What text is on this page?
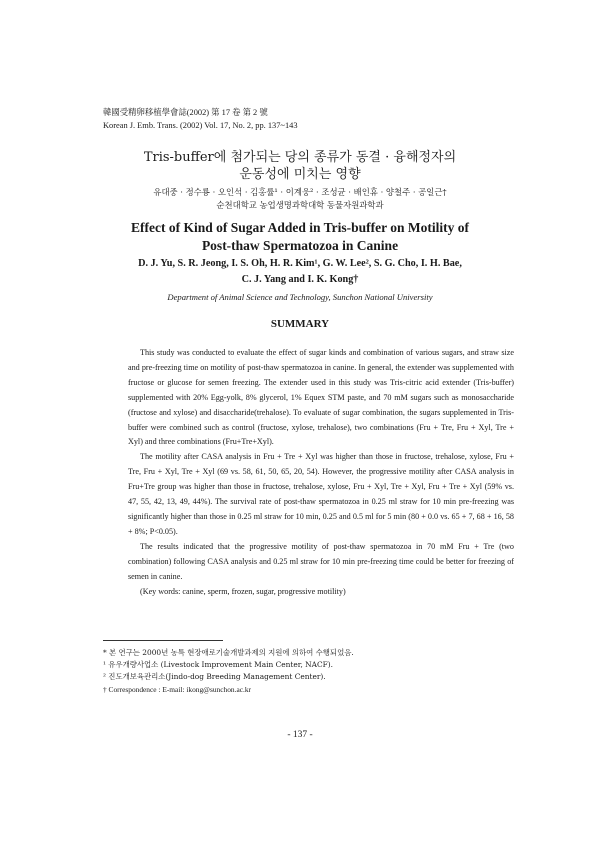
韓國受精卵移植學會誌(2002) 第 17 卷 第 2 號
Korean J. Emb. Trans. (2002) Vol. 17, No. 2, pp. 137~143
Tris-buffer에 첨가되는 당의 종류가 동결 · 융해정자의
운동성에 미치는 영향
유대중 · 정수룡 · 오인석 · 김홍률¹ · 이계웅² · 조성균 · 배인휴 · 양철주 · 공일근†
순천대학교 농업생명과학대학 동물자원과학과
Effect of Kind of Sugar Added in Tris-buffer on Motility of
Post-thaw Spermatozoa in Canine
D. J. Yu, S. R. Jeong, I. S. Oh, H. R. Kim¹, G. W. Lee², S. G. Cho, I. H. Bae,
C. J. Yang and I. K. Kong†
Department of Animal Science and Technology, Sunchon National University
SUMMARY

This study was conducted to evaluate the effect of sugar kinds and combination of various sugars, and straw size and pre-freezing time on motility of post-thaw spermatozoa in canine. In general, the extender was supplemented with fructose or glucose for semen freezing. The extender used in this study was Tris-citric acid extender (Tris-buffer) supplemented with 20% Egg-yolk, 8% glycerol, 1% Equex STM paste, and 70 mM sugars such as monosaccharide (fructose and xylose) and disaccharide(trehalose). To evaluate of sugar combination, the sugars supplemented in Tris-buffer were combined such as control (fructose, xylose, trehalose), two combinations (Fru + Tre, Fru + Xyl, Tre + Xyl) and three combinations (Fru+Tre+Xyl).

The motility after CASA analysis in Fru + Tre + Xyl was higher than those in fructose, trehalose, xylose, Fru + Tre, Fru + Xyl, Tre + Xyl (69 vs. 58, 61, 50, 65, 20, 54). However, the progressive motility after CASA analysis in Fru+Tre group was higher than those in fructose, trehalose, xylose, Fru + Xyl, Tre + Xyl, Fru + Tre + Xyl (59% vs. 47, 55, 42, 13, 49, 44%). The survival rate of post-thaw spermatozoa in 0.25 ml straw for 10 min pre-freezing was significantly higher than those in 0.25 ml straw for 10 min, 0.25 and 0.5 ml for 5 min (80 + 0.0 vs. 65 + 7, 68 + 16, 58 + 8%; P<0.05).

The results indicated that the progressive motility of post-thaw spermatozoa in 70 mM Fru + Tre (two combination) following CASA analysis and 0.25 ml straw for 10 min pre-freezing time could be better for freezing of semen in canine.

(Key words: canine, sperm, frozen, sugar, progressive motility)

* 본 연구는 2000년 농특 현장애로기술개발과제의 지원에 의하여 수행되었음.
¹ 유우개량사업소 (Livestock Improvement Main Center, NACF).
² 진도개보육관리소(Jindo-dog Breeding Management Center).
† Correspondence : E-mail: ikong@sunchon.ac.kr
- 137 -
